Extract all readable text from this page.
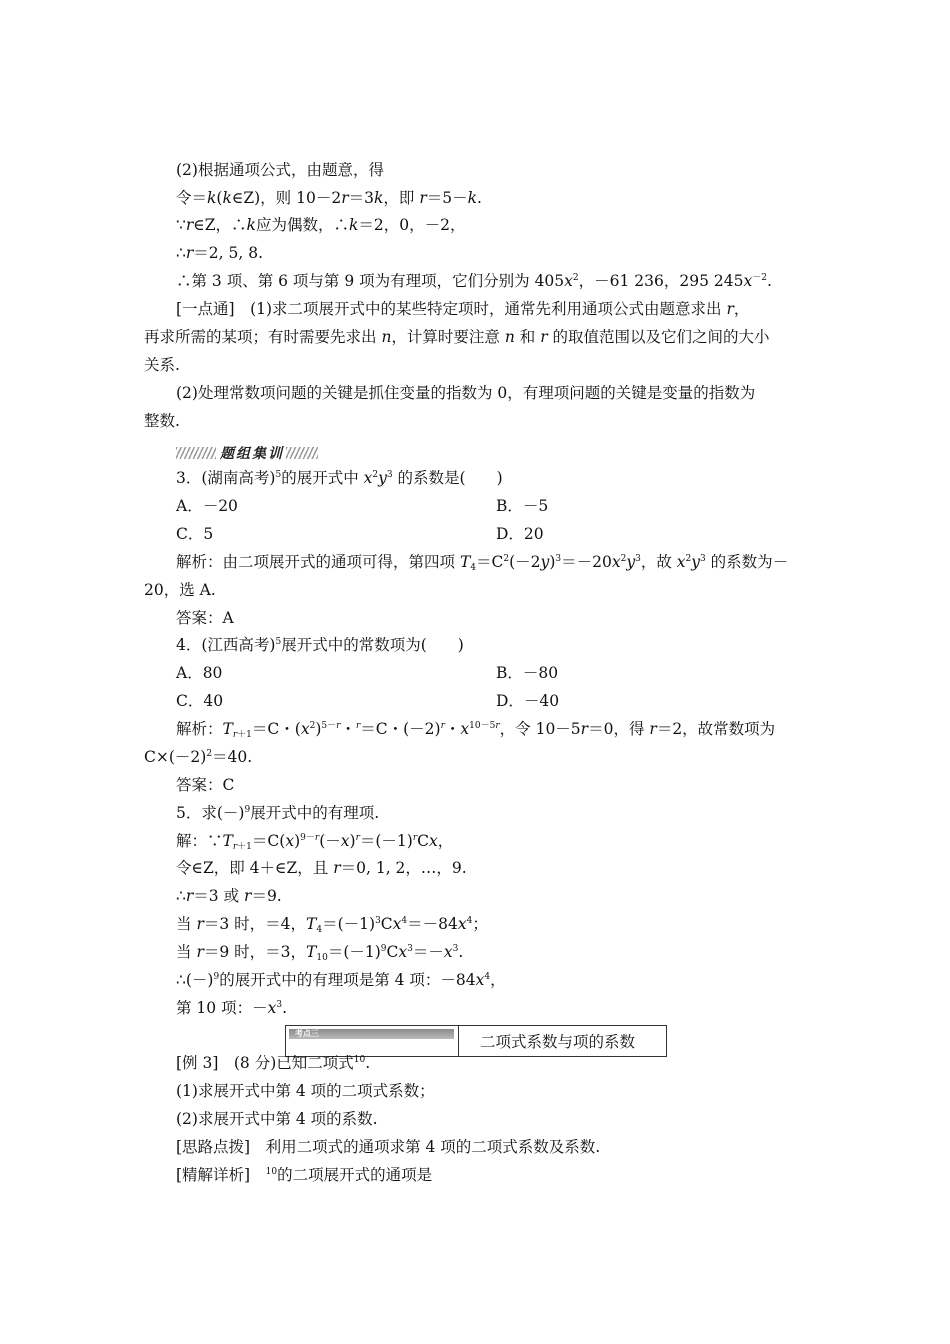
(2)根据通项公式，由题意，得
令＝k(k∈Z)，则 10－2r＝3k，即 r＝5－k.
∵r∈Z，∴k应为偶数，∴k＝2，0，－2，
∴r＝2, 5, 8.
∴第 3 项、第 6 项与第 9 项为有理项，它们分别为 $405x^2$，－61 236，295 $245x^{-2}$.
[一点通]　(1)求二项展开式中的某些特定项时，通常先利用通项公式由题意求出 r，
再求所需的某项；有时需要先求出 n，计算时要注意 n 和 r 的取值范围以及它们之间的大小
关系.
(2)处理常数项问题的关键是抓住变量的指数为 0，有理项问题的关键是变量的指数为
整数.
题组集训
3．(湖南高考)$^5$的展开式中 $x^2y^3$ 的系数是(　　)
A．－20	B．－5
C．5	D．20
解析：由二项展开式的通项可得，第四项 $T_4=C^2(-2y)^3=-20x^2y^3$，故 $x^2y^3$ 的系数为－
20，选 A.
答案：A
4．(江西高考)$^5$展开式中的常数项为(　　)
A．80	B．－80
C．40	D．－40
解析：$T_{r+1}=C$・$(x^2)^{5-r}$・$^r$＝C・$(-2)^r$・$x^{10-5r}$，令 10－5r＝0，得 r＝2，故常数项为
$C\times(-2)^2=40$.
答案：C
5．求$(-)^9$展开式中的有理项.
解：$\because T_{r+1}=C(x)^{9-r}(-x)^r=(-1)^rCx$，
令∈Z，即 4＋∈Z，且 r＝0, 1, 2，…，9.
∴r＝3 或 r＝9.
当 r＝3 时，＝4，$T_4=(-1)^3Cx^4=-84x^4$；
当 r＝9 时，＝3，$T_{10}=(-1)^9Cx^3=-x^3$.
$\therefore(-)^9$的展开式中的有理项是第 4 项：$-84x^4$，
第 10 项：$-x^3$.
考点三	二项式系数与项的系数
[例 3]　(8 分)已知二项式$^{10}$.
(1)求展开式中第 4 项的二项式系数；
(2)求展开式中第 4 项的系数.
[思路点拨]　利用二项式的通项求第 4 项的二项式系数及系数.
[精解详析]　$^{10}$的二项展开式的通项是
